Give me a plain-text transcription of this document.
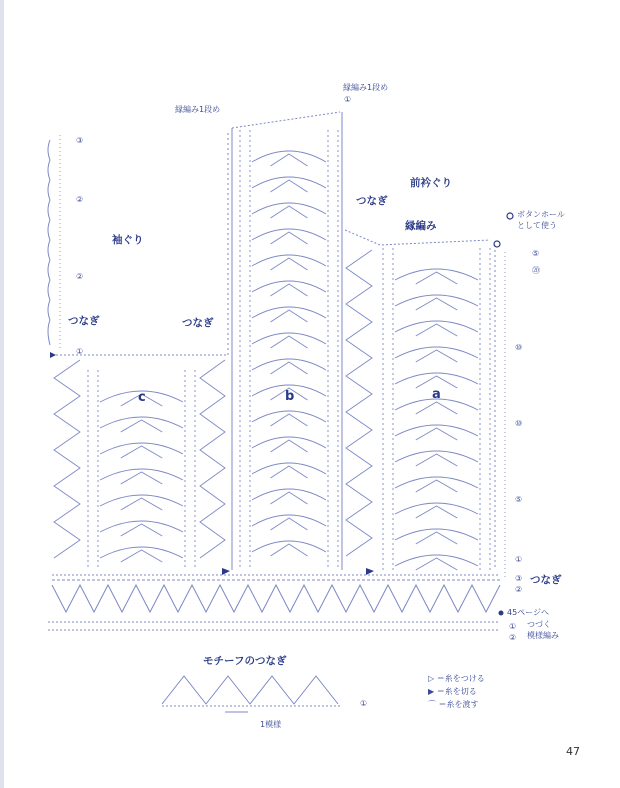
袖ぐり
つなぎ	つなぎ
つなぎ
つなぎ
縁編み1段め
縁編み1段め
前衿ぐり
縁編み
ボタンホール
として使う
45ページへ
つづく
模様編み
c	b	a
モチーフのつなぎ
1模様
▷ ＝糸をつける
▶ ＝糸を切る
⌒ ＝糸を渡す
③
②
②
①
⑤
⑳
⑩
⑩
⑤
①
③
②
①
②
①
①
47
